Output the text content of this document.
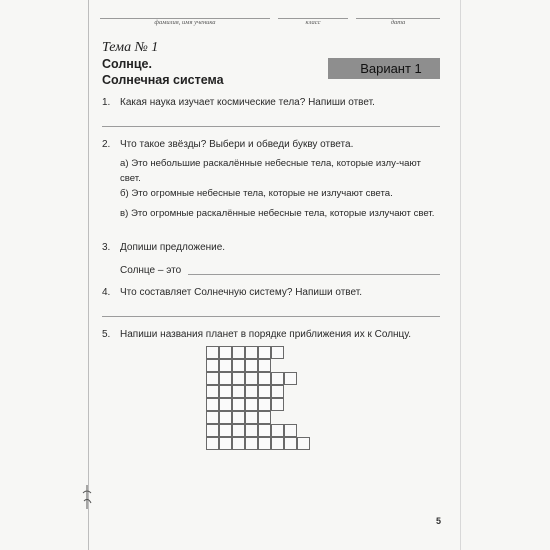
фамилия, имя ученика	класс	дата
Тема № 1
Солнце.
Солнечная система
Вариант 1
1. Какая наука изучает космические тела? Напиши ответ.
2. Что такое звёзды? Выбери и обведи букву ответа.
а) Это небольшие раскалённые небесные тела, которые излу-чают свет.
б) Это огромные небесные тела, которые не излучают света.
в) Это огромные раскалённые небесные тела, которые излучают свет.
3. Допиши предложение.
Солнце – это
4. Что составляет Солнечную систему? Напиши ответ.
5. Напиши названия планет в порядке приближения их к Солнцу.
5
